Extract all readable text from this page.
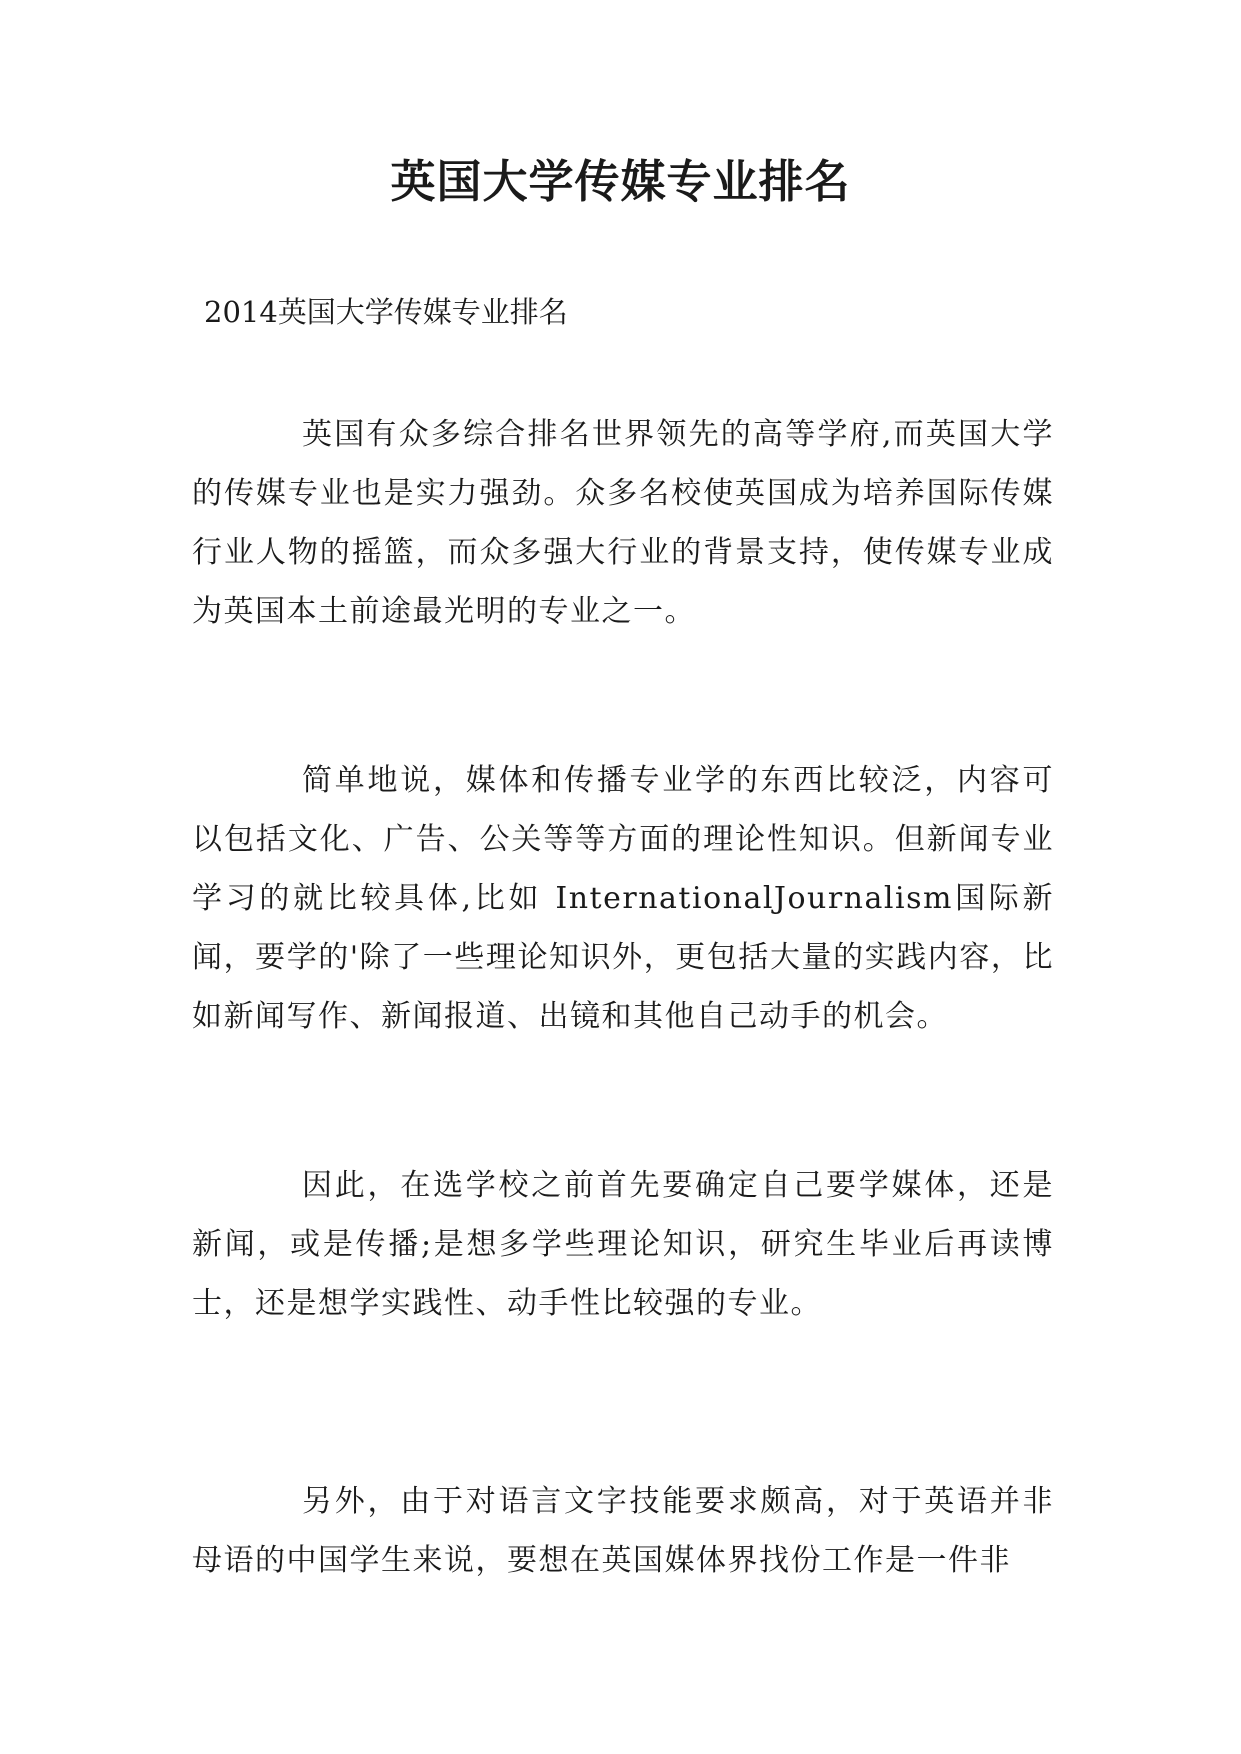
英国大学传媒专业排名

2014英国大学传媒专业排名

英国有众多综合排名世界领先的高等学府,而英国大学的传媒专业也是实力强劲。众多名校使英国成为培养国际传媒行业人物的摇篮，而众多强大行业的背景支持，使传媒专业成为英国本土前途最光明的专业之一。

简单地说，媒体和传播专业学的东西比较泛，内容可以包括文化、广告、公关等等方面的理论性知识。但新闻专业学习的就比较具体,比如 InternationalJournalism国际新闻，要学的'除了一些理论知识外，更包括大量的实践内容，比如新闻写作、新闻报道、出镜和其他自己动手的机会。

因此，在选学校之前首先要确定自己要学媒体，还是新闻，或是传播;是想多学些理论知识，研究生毕业后再读博士，还是想学实践性、动手性比较强的专业。

另外，由于对语言文字技能要求颇高，对于英语并非母语的中国学生来说，要想在英国媒体界找份工作是一件非
